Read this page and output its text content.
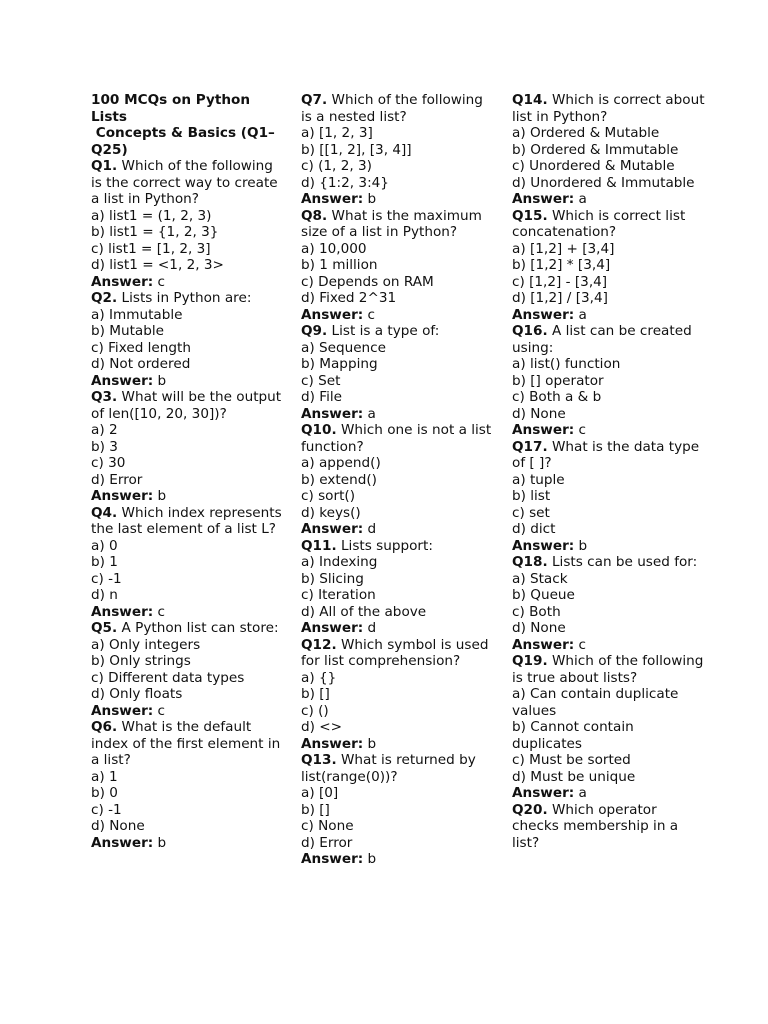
100 MCQs on Python Lists
Concepts & Basics (Q1–Q25)
Q1. Which of the following is the correct way to create a list in Python?
a) list1 = (1, 2, 3)
b) list1 = {1, 2, 3}
c) list1 = [1, 2, 3]
d) list1 = <1, 2, 3>
Answer: c
Q2. Lists in Python are:
a) Immutable
b) Mutable
c) Fixed length
d) Not ordered
Answer: b
Q3. What will be the output of len([10, 20, 30])?
a) 2
b) 3
c) 30
d) Error
Answer: b
Q4. Which index represents the last element of a list L?
a) 0
b) 1
c) -1
d) n
Answer: c
Q5. A Python list can store:
a) Only integers
b) Only strings
c) Different data types
d) Only floats
Answer: c
Q6. What is the default index of the first element in a list?
a) 1
b) 0
c) -1
d) None
Answer: b
Q7. Which of the following is a nested list?
a) [1, 2, 3]
b) [[1, 2], [3, 4]]
c) (1, 2, 3)
d) {1:2, 3:4}
Answer: b
Q8. What is the maximum size of a list in Python?
a) 10,000
b) 1 million
c) Depends on RAM
d) Fixed 2^31
Answer: c
Q9. List is a type of:
a) Sequence
b) Mapping
c) Set
d) File
Answer: a
Q10. Which one is not a list function?
a) append()
b) extend()
c) sort()
d) keys()
Answer: d
Q11. Lists support:
a) Indexing
b) Slicing
c) Iteration
d) All of the above
Answer: d
Q12. Which symbol is used for list comprehension?
a) {}
b) []
c) ()
d) <>
Answer: b
Q13. What is returned by list(range(0))?
a) [0]
b) []
c) None
d) Error
Answer: b
Q14. Which is correct about list in Python?
a) Ordered & Mutable
b) Ordered & Immutable
c) Unordered & Mutable
d) Unordered & Immutable
Answer: a
Q15. Which is correct list concatenation?
a) [1,2] + [3,4]
b) [1,2] * [3,4]
c) [1,2] - [3,4]
d) [1,2] / [3,4]
Answer: a
Q16. A list can be created using:
a) list() function
b) [] operator
c) Both a & b
d) None
Answer: c
Q17. What is the data type of [ ]?
a) tuple
b) list
c) set
d) dict
Answer: b
Q18. Lists can be used for:
a) Stack
b) Queue
c) Both
d) None
Answer: c
Q19. Which of the following is true about lists?
a) Can contain duplicate values
b) Cannot contain duplicates
c) Must be sorted
d) Must be unique
Answer: a
Q20. Which operator checks membership in a list?
